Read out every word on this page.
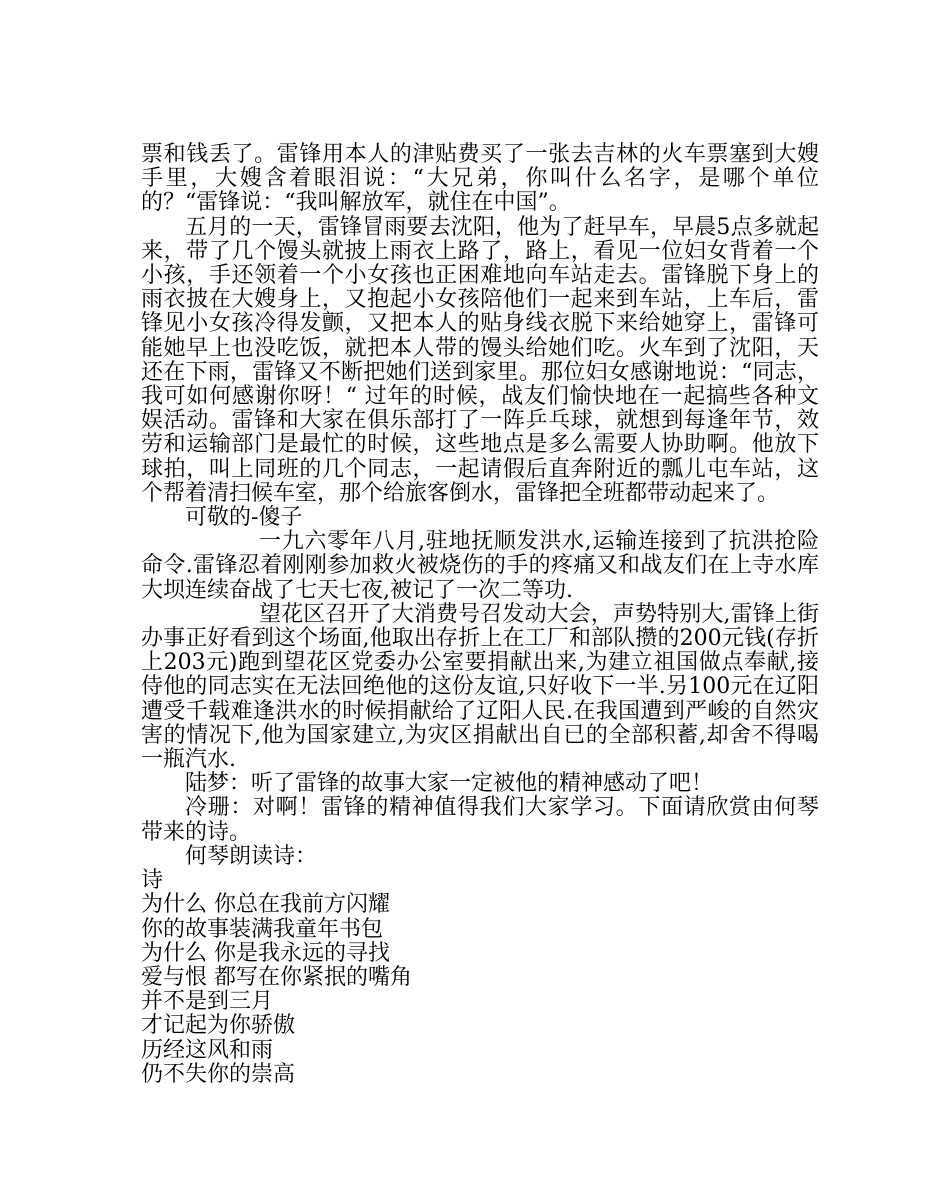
票和钱丢了。雷锋用本人的津贴费买了一张去吉林的火车票塞到大嫂手里，大嫂含着眼泪说：“大兄弟，你叫什么名字，是哪个单位的？“雷锋说：“我叫解放军，就住在中国”。

五月的一天，雷锋冒雨要去沈阳，他为了赶早车，早晨5点多就起来，带了几个馒头就披上雨衣上路了，路上，看见一位妇女背着一个小孩，手还领着一个小女孩也正困难地向车站走去。雷锋脱下身上的雨衣披在大嫂身上，又抱起小女孩陪他们一起来到车站，上车后，雷锋见小女孩冷得发颤，又把本人的贴身线衣脱下来给她穿上，雷锋可能她早上也没吃饭，就把本人带的馒头给她们吃。火车到了沈阳，天还在下雨，雷锋又不断把她们送到家里。那位妇女感谢地说：“同志，我可如何感谢你呀！“ 过年的时候，战友们愉快地在一起搞些各种文娱活动。雷锋和大家在俱乐部打了一阵乒乓球，就想到每逢年节，效劳和运输部门是最忙的时候，这些地点是多么需要人协助啊。他放下球拍，叫上同班的几个同志，一起请假后直奔附近的瓢儿屯车站，这个帮着清扫候车室，那个给旅客倒水，雷锋把全班都带动起来了。

可敬的-傻子

一九六零年八月,驻地抚顺发洪水,运输连接到了抗洪抢险命令.雷锋忍着刚刚参加救火被烧伤的手的疼痛又和战友们在上寺水库大坝连续奋战了七天七夜,被记了一次二等功.

望花区召开了大消费号召发动大会，声势特别大,雷锋上街办事正好看到这个场面,他取出存折上在工厂和部队攒的200元钱(存折上203元)跑到望花区党委办公室要捐献出来,为建立祖国做点奉献,接侍他的同志实在无法回绝他的这份友谊,只好收下一半.另100元在辽阳遭受千载难逢洪水的时候捐献给了辽阳人民.在我国遭到严峻的自然灾害的情况下,他为国家建立,为灾区捐献出自已的全部积蓄,却舍不得喝一瓶汽水.

陆梦：听了雷锋的故事大家一定被他的精神感动了吧！

冷珊：对啊！雷锋的精神值得我们大家学习。下面请欣赏由何琴带来的诗。

何琴朗读诗：

诗

为什么 你总在我前方闪耀

你的故事装满我童年书包

为什么 你是我永远的寻找

爱与恨 都写在你紧抿的嘴角

并不是到三月

才记起为你骄傲

历经这风和雨

仍不失你的崇高
